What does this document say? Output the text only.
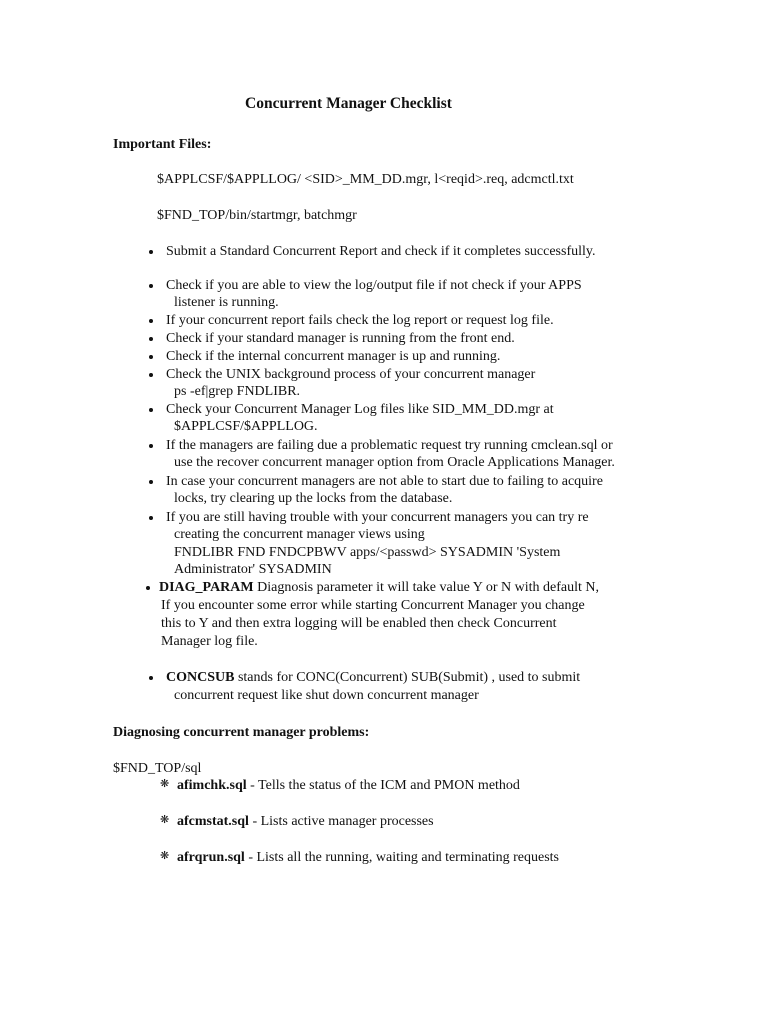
Concurrent Manager Checklist
Important Files:
$APPLCSF/$APPLLOG/ <SID>_MM_DD.mgr, l<reqid>.req, adcmctl.txt
$FND_TOP/bin/startmgr, batchmgr
Submit a Standard Concurrent Report and check if it completes successfully.
Check if you are able to view the log/output file if not check if your APPS
listener is running.
If your concurrent report fails check the log report or request log file.
Check if your standard manager is running from the front end.
Check if the internal concurrent manager is up and running.
Check the UNIX background process of your concurrent manager
ps -ef|grep FNDLIBR.
Check your Concurrent Manager Log files like SID_MM_DD.mgr at
$APPLCSF/$APPLLOG.
If the managers are failing due a problematic request try running cmclean.sql or
use the recover concurrent manager option from Oracle Applications Manager.
In case your concurrent managers are not able to start due to failing to acquire
locks, try clearing up the locks from the database.
If you are still having trouble with your concurrent managers you can try re
creating the concurrent manager views using
FNDLIBR FND FNDCPBWV apps/<passwd> SYSADMIN 'System
Administrator' SYSADMIN
DIAG_PARAM Diagnosis parameter it will take value Y or N with default N,
If you encounter some error while starting Concurrent Manager you change
this to Y and then extra logging will be enabled then check Concurrent
Manager log file.
CONCSUB stands for CONC(Concurrent) SUB(Submit) , used to submit
concurrent request like shut down concurrent manager
Diagnosing concurrent manager problems:
$FND_TOP/sql
❋ afimchk.sql - Tells the status of the ICM and PMON method
❋ afcmstat.sql - Lists active manager processes
❋ afrqrun.sql - Lists all the running, waiting and terminating requests
